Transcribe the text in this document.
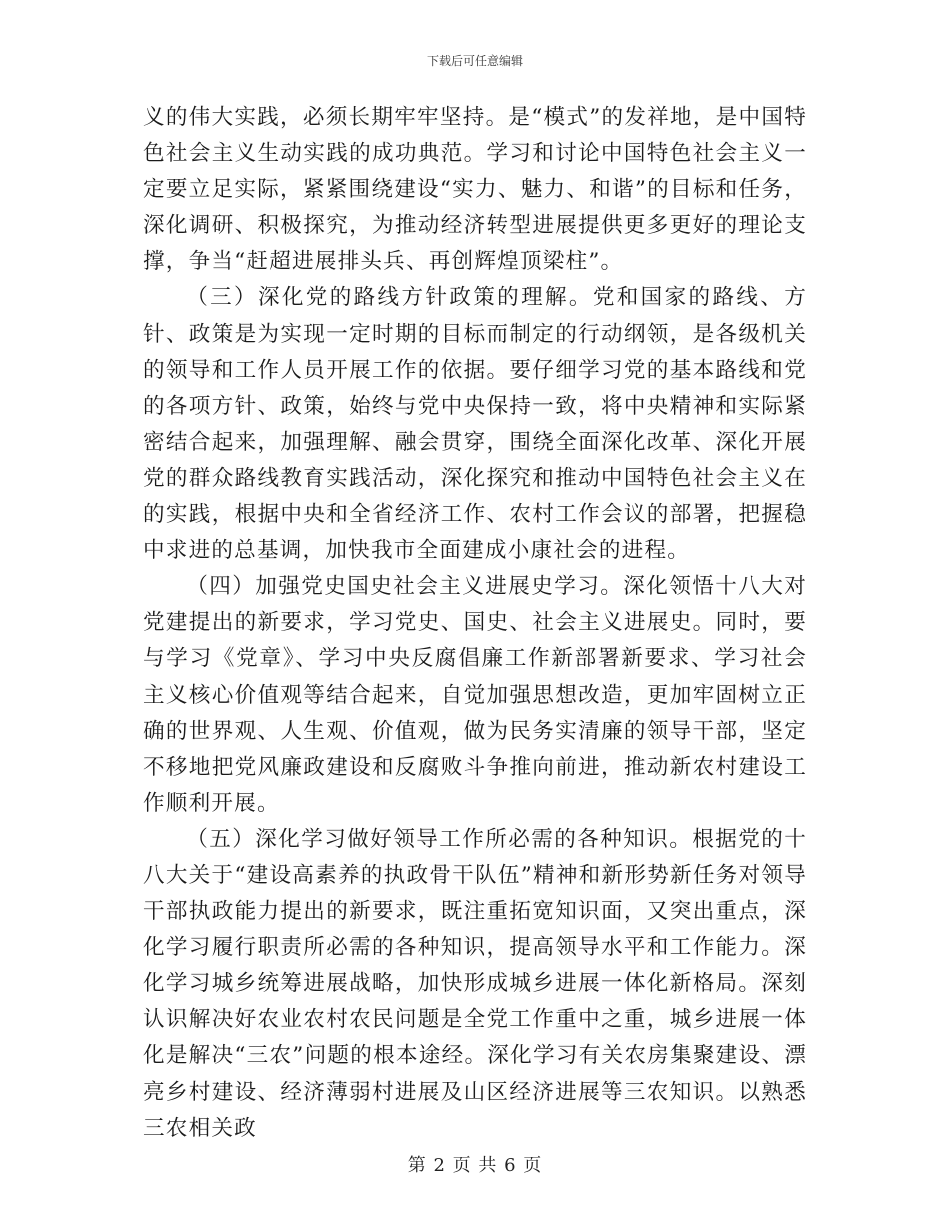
下载后可任意编辑

义的伟大实践，必须长期牢牢坚持。是“模式”的发祥地，是中国特色社会主义生动实践的成功典范。学习和讨论中国特色社会主义一定要立足实际，紧紧围绕建设“实力、魅力、和谐”的目标和任务，深化调研、积极探究，为推动经济转型进展提供更多更好的理论支撑，争当“赶超进展排头兵、再创辉煌顶梁柱”。

（三）深化党的路线方针政策的理解。党和国家的路线、方针、政策是为实现一定时期的目标而制定的行动纲领，是各级机关的领导和工作人员开展工作的依据。要仔细学习党的基本路线和党的各项方针、政策，始终与党中央保持一致，将中央精神和实际紧密结合起来，加强理解、融会贯穿，围绕全面深化改革、深化开展党的群众路线教育实践活动，深化探究和推动中国特色社会主义在的实践，根据中央和全省经济工作、农村工作会议的部署，把握稳中求进的总基调，加快我市全面建成小康社会的进程。

（四）加强党史国史社会主义进展史学习。深化领悟十八大对党建提出的新要求，学习党史、国史、社会主义进展史。同时，要与学习《党章》、学习中央反腐倡廉工作新部署新要求、学习社会主义核心价值观等结合起来，自觉加强思想改造，更加牢固树立正确的世界观、人生观、价值观，做为民务实清廉的领导干部，坚定不移地把党风廉政建设和反腐败斗争推向前进，推动新农村建设工作顺利开展。

（五）深化学习做好领导工作所必需的各种知识。根据党的十八大关于“建设高素养的执政骨干队伍”精神和新形势新任务对领导干部执政能力提出的新要求，既注重拓宽知识面，又突出重点，深化学习履行职责所必需的各种知识，提高领导水平和工作能力。深化学习城乡统筹进展战略，加快形成城乡进展一体化新格局。深刻认识解决好农业农村农民问题是全党工作重中之重，城乡进展一体化是解决“三农”问题的根本途经。深化学习有关农房集聚建设、漂亮乡村建设、经济薄弱村进展及山区经济进展等三农知识。以熟悉三农相关政

第 2 页 共 6 页
